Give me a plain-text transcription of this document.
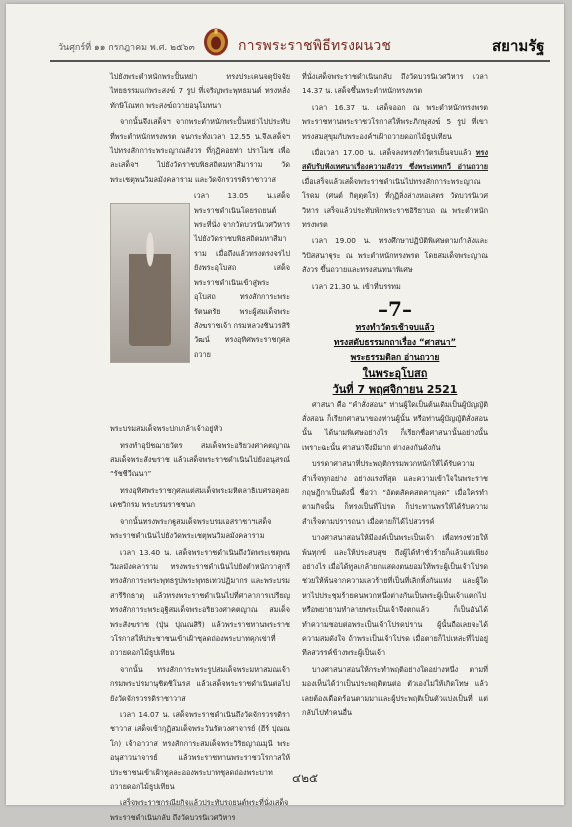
วันศุกร์ที่ ๑๑ กรกฎาคม พ.ศ. ๒๕๖๓	การพระราชพิธีทรงผนวช	สยามรัฐ

ไปยังพระตำหนักพระปั้นหย่า ทรงประเคนจตุปัจจัยไทยธรรมแก่พระสงฆ์ 7 รูป ที่เจริญพระพุทธมนต์ ทรงหลั่งทักษิโณทก พระสงฆ์ถวายอนุโมทนา

จากนั้นจึงเสด็จฯ จากพระตำหนักพระปั้นหย่าไปประทับที่พระตำหนักทรงพรต จนกระทั่งเวลา 12.55 น.จึงเสด็จฯ ไปทรงสักการะพระญาณสังวร ที่กุฏิคอยท่า ปราโมช เพื่อละเสด็จฯ ไปยังวัดราชบพิธสถิตมหาสีมาราม วัดพระเชตุพนวิมลมังคลาราม และวัดจักรวรรดิราชาวาส

เวลา 13.05 น.เสด็จพระราชดำเนินโดยรถยนต์พระที่นั่ง จากวัดบวรนิเวศวิหาร ไปยังวัดราชบพิธสถิตมหาสีมาราม เมื่อถึงแล้วทรงตรงจรไปยังพระอุโบสถ เสด็จพระราชดำเนินเข้าสู่พระอุโบสถ ทรงสักการะพระรัตนตรัย พระผู้สมเด็จพระสังฆราชเจ้า กรมหลวงชินวรสิริวัฒน์ ทรงอุทิศพระราชกุศลถวาย

พระบรมสมเด็จพระปกเกล้าเจ้าอยู่หัว

ทรงทำอุปัชฌายวัตร สมเด็จพระอริยวงศาคตญาณ สมเด็จพระสังฆราช แล้วเสด็จพระราชดำเนินไปยังอนุสรณ์ “รัชชีวีณนา”

ทรงอุทิศพระราชกุศลแต่สมเด็จพระมหิตลาธิเบศรอดุลยเดชวิกรม พระบรมราชชนก

จากนั้นทรงพระกฐูสมเด็จพระบรมเอสราชาฯเสด็จพระราชดำเนินไปยังวัดพระเชตุพนวิมลมังคลาราม

เวลา 13.40 น. เสด็จพระราชดำเนินถึงวัดพระเชตุพนวิมลมังคลาราม ทรงพระราชดำเนินไปยังตำหนักวาสุกรี ทรงสักการะพระพุทธรูปพระพุทธเทวปฏิมากร และพระบรมสารีริกธาตุ แล้วทรงพระราชดำเนินไปที่ศาลาการเปรียญ ทรงสักการะพระอุฐิสมเด็จพระอริยวงศาคตญาณ สมเด็จพระสังฆราช (ปุ่น ปุณณสิริ) แล้วพระราชทานพระราชวโรกาสให้ประชาชนเข้าเฝ้าชุลดถ่องพระบาทคุกเข่าที่ ถวายดอกไม้ธูปเทียน

จากนั้น ทรงสักการะพระรูปสมเด็จพระมหาสมณเจ้า กรมพระปรมานุชิตชิโนรส แล้วเสด็จพระราชดำเนินต่อไปยังวัดจักรวรรดิราชาวาส

เวลา 14.07 น. เสด็จพระราชดำเนินถึงวัดจักรวรรดิราชาวาส เสด็จเข้ากุฏิสมเด็จพระวันรัตวงศาจารย์ (ฮีร์ ปุณณโก) เจ้าอาวาส ทรงสักการะสมเด็จพระวิริยญาณมุนี พระอนุสาวนาจารย์ แล้วพระราชทานพระราชวโรกาสให้ประชาชนเข้าเฝ้าทูลละอองพระบาทชุลดถ่องพระบาท ถวายดอกไม้ธูปเทียน

เสร็จพระราชกรณียกิจแล้วประทับรถยนต์พระที่นั่งเสด็จพระราชดำเนินกลับ ถึงวัดบวรนิเวศวิหาร

ที่นั่งเสด็จพระราชดำเนินกลับ ถึงวัดบวรนิเวศวิหาร เวลา 14.37 น. เสด็จขึ้นพระตำหนักทรงพรต

เวลา 16.37 น. เสด็จออก ณ พระตำหนักทรงพรต พระราชทานพระราชวโรกาสให้พระภิกษุสงฆ์ 5 รูป ที่เขาทรงสมสุขุมกับพระองค์ฯเฝ้าถวายดอกไม้ธูปเทียน

เมื่อเวลา 17.00 น. เสด็จลงทรงทำวัตรเย็นจบแล้ว ทรงสดับรับฟังเทศนาเรื่องความสังวร ซึ่งพระเทพกวี อ่านถวาย เมื่อเสร็จแล้วเสด็จพระราชดำเนินไปทรงสักการะพระญาณโรดม (ศนต์ กิตุตฺตโร) ที่กุฏิลิ่งล่างหอเสตร วัดบวรนิเวศวิหาร เสร็จแล้วประทับพักพระราชอิริยาบถ ณ พระตำหนักทรงพรต

เวลา 19.00 น. ทรงศึกษาปฏิบัติพิเศษตามกำลังและวิปัสสนาฐุระ ณ พระตำหนักทรงพรต โดยสมเด็จพระญาณสังวร ขึ้นถวายและทรงสนทนาพิเศษ

เวลา 21.30 น. เข้าที่บรรทม

–7–
ทรงทำวัตรเช้าจบแล้ว
ทรงสดับธรรมกถาเรื่อง “ศาสนา”
พระธรรมดิลก อ่านถวาย
ในพระอุโบสถ
วันที่ 7 พฤศจิกายน 2521

ศาสนา คือ “คำสั่งสอน” ท่านผู้ใดเป็นต้นเดิมเป็นผู้บัญญัติสั่งสอน ก็เรียกศาสนาของท่านผู้นั้น หรือท่านผู้บัญญัติสั่งสอนนั้น ได้นามพิเศษอย่างไร ก็เรียกชื่อศาสนานั้นอย่างนั้น เพราะฉะนั้น ศาสนาจึงมีมาก ต่างลงกันดังกัน

บรรดาศาสนาที่ประพฤติกรรมพวกหนักให้ได้รับความสำเร็จทุกอย่าง อย่างแรงที่สุด และความเข้าใจในพระราชกฤษฎีกาเป็นดังนี้ ชื่อว่า “อัตตสัคคสตคาบุลด” เมื่อใครทำตามกิจนั้น ก็ทรงเป็นที่โปรด ก็ประทานพรให้ได้รับความสำเร็จตามปรารถนา เมื่อตายก็ได้ไปสวรรค์

บางศาสนาสอนให้มีองค์เป็นพระเป็นเจ้า เพื่อทรงช่วยให้พ้นทุกข์ และให้ประสบสุข ถึงผู้ได้ทำชั่วร้ายก็แล้วแต่เพียงอย่างไร เมื่อได้ทูลเกล้ายกแสดงตนยอมให้พระผู้เป็นเจ้าโปรดช่วยให้พ้นจากความเลวร้ายที่เป็นที่เลิกทิ้งกันแห่ง และผู้ใดหาไปประชุมร้ายคนพวกหนึ่งต่างกันเป็นพระผู้เป็นเจ้าแตกไป หรือพยายามทำลายพระเป็นเจ้าจึงตกแล้ว ก็เป็นอันได้ทำความชอบต่อพระเป็นเจ้าโปรดปราน ผู้นั้นถือเลยจะได้ความสมดังใจ ถ้าพระเป็นเจ้าโปรด เมื่อตายก็ไปเหล่ะที่ไปอยู่ทีลสวรรค์ข้างพระผู้เป็นเจ้า

บางศาสนาสอนให้กระทำพฤติอย่างใดอย่างหนึ่ง ตามที่มองเห็นได้ว่าเป็นประพฤติตนต่อ ตัวเองไม่ให้เกิดโทษ แล้วเลยต้องเดือดร้อนตามมาและผู้ประพฤติเป็นตัวแบ่งเป็นที่ แต่กลับไปทำคนอื่น

๔๒๕
